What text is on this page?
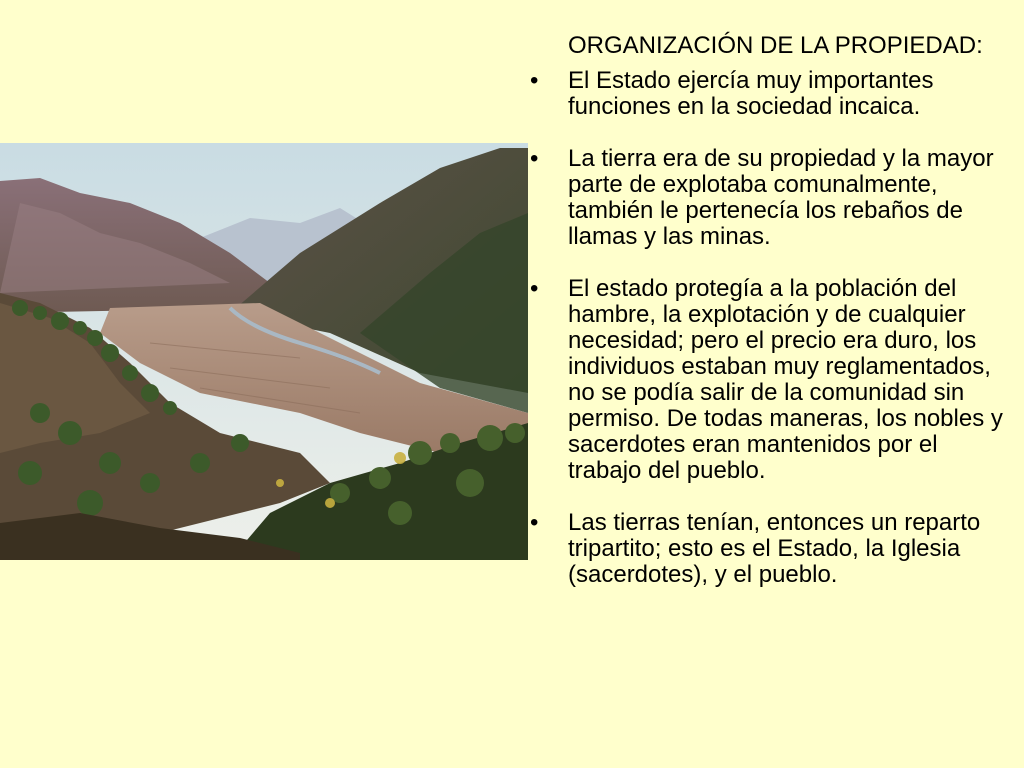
ORGANIZACIÓN DE LA PROPIEDAD:
•	El Estado ejercía muy importantes funciones en la sociedad incaica.
•	La tierra era de su propiedad y la mayor parte de explotaba comunalmente, también le pertenecía los rebaños de llamas y las minas.
•	El estado protegía a la población del hambre, la explotación y de cualquier necesidad; pero el precio era duro, los individuos estaban muy reglamentados, no se podía salir de la comunidad sin permiso. De todas maneras, los nobles y sacerdotes eran mantenidos por el trabajo del pueblo.
•	Las tierras tenían, entonces un reparto tripartito; esto es el Estado, la Iglesia (sacerdotes), y el pueblo.
